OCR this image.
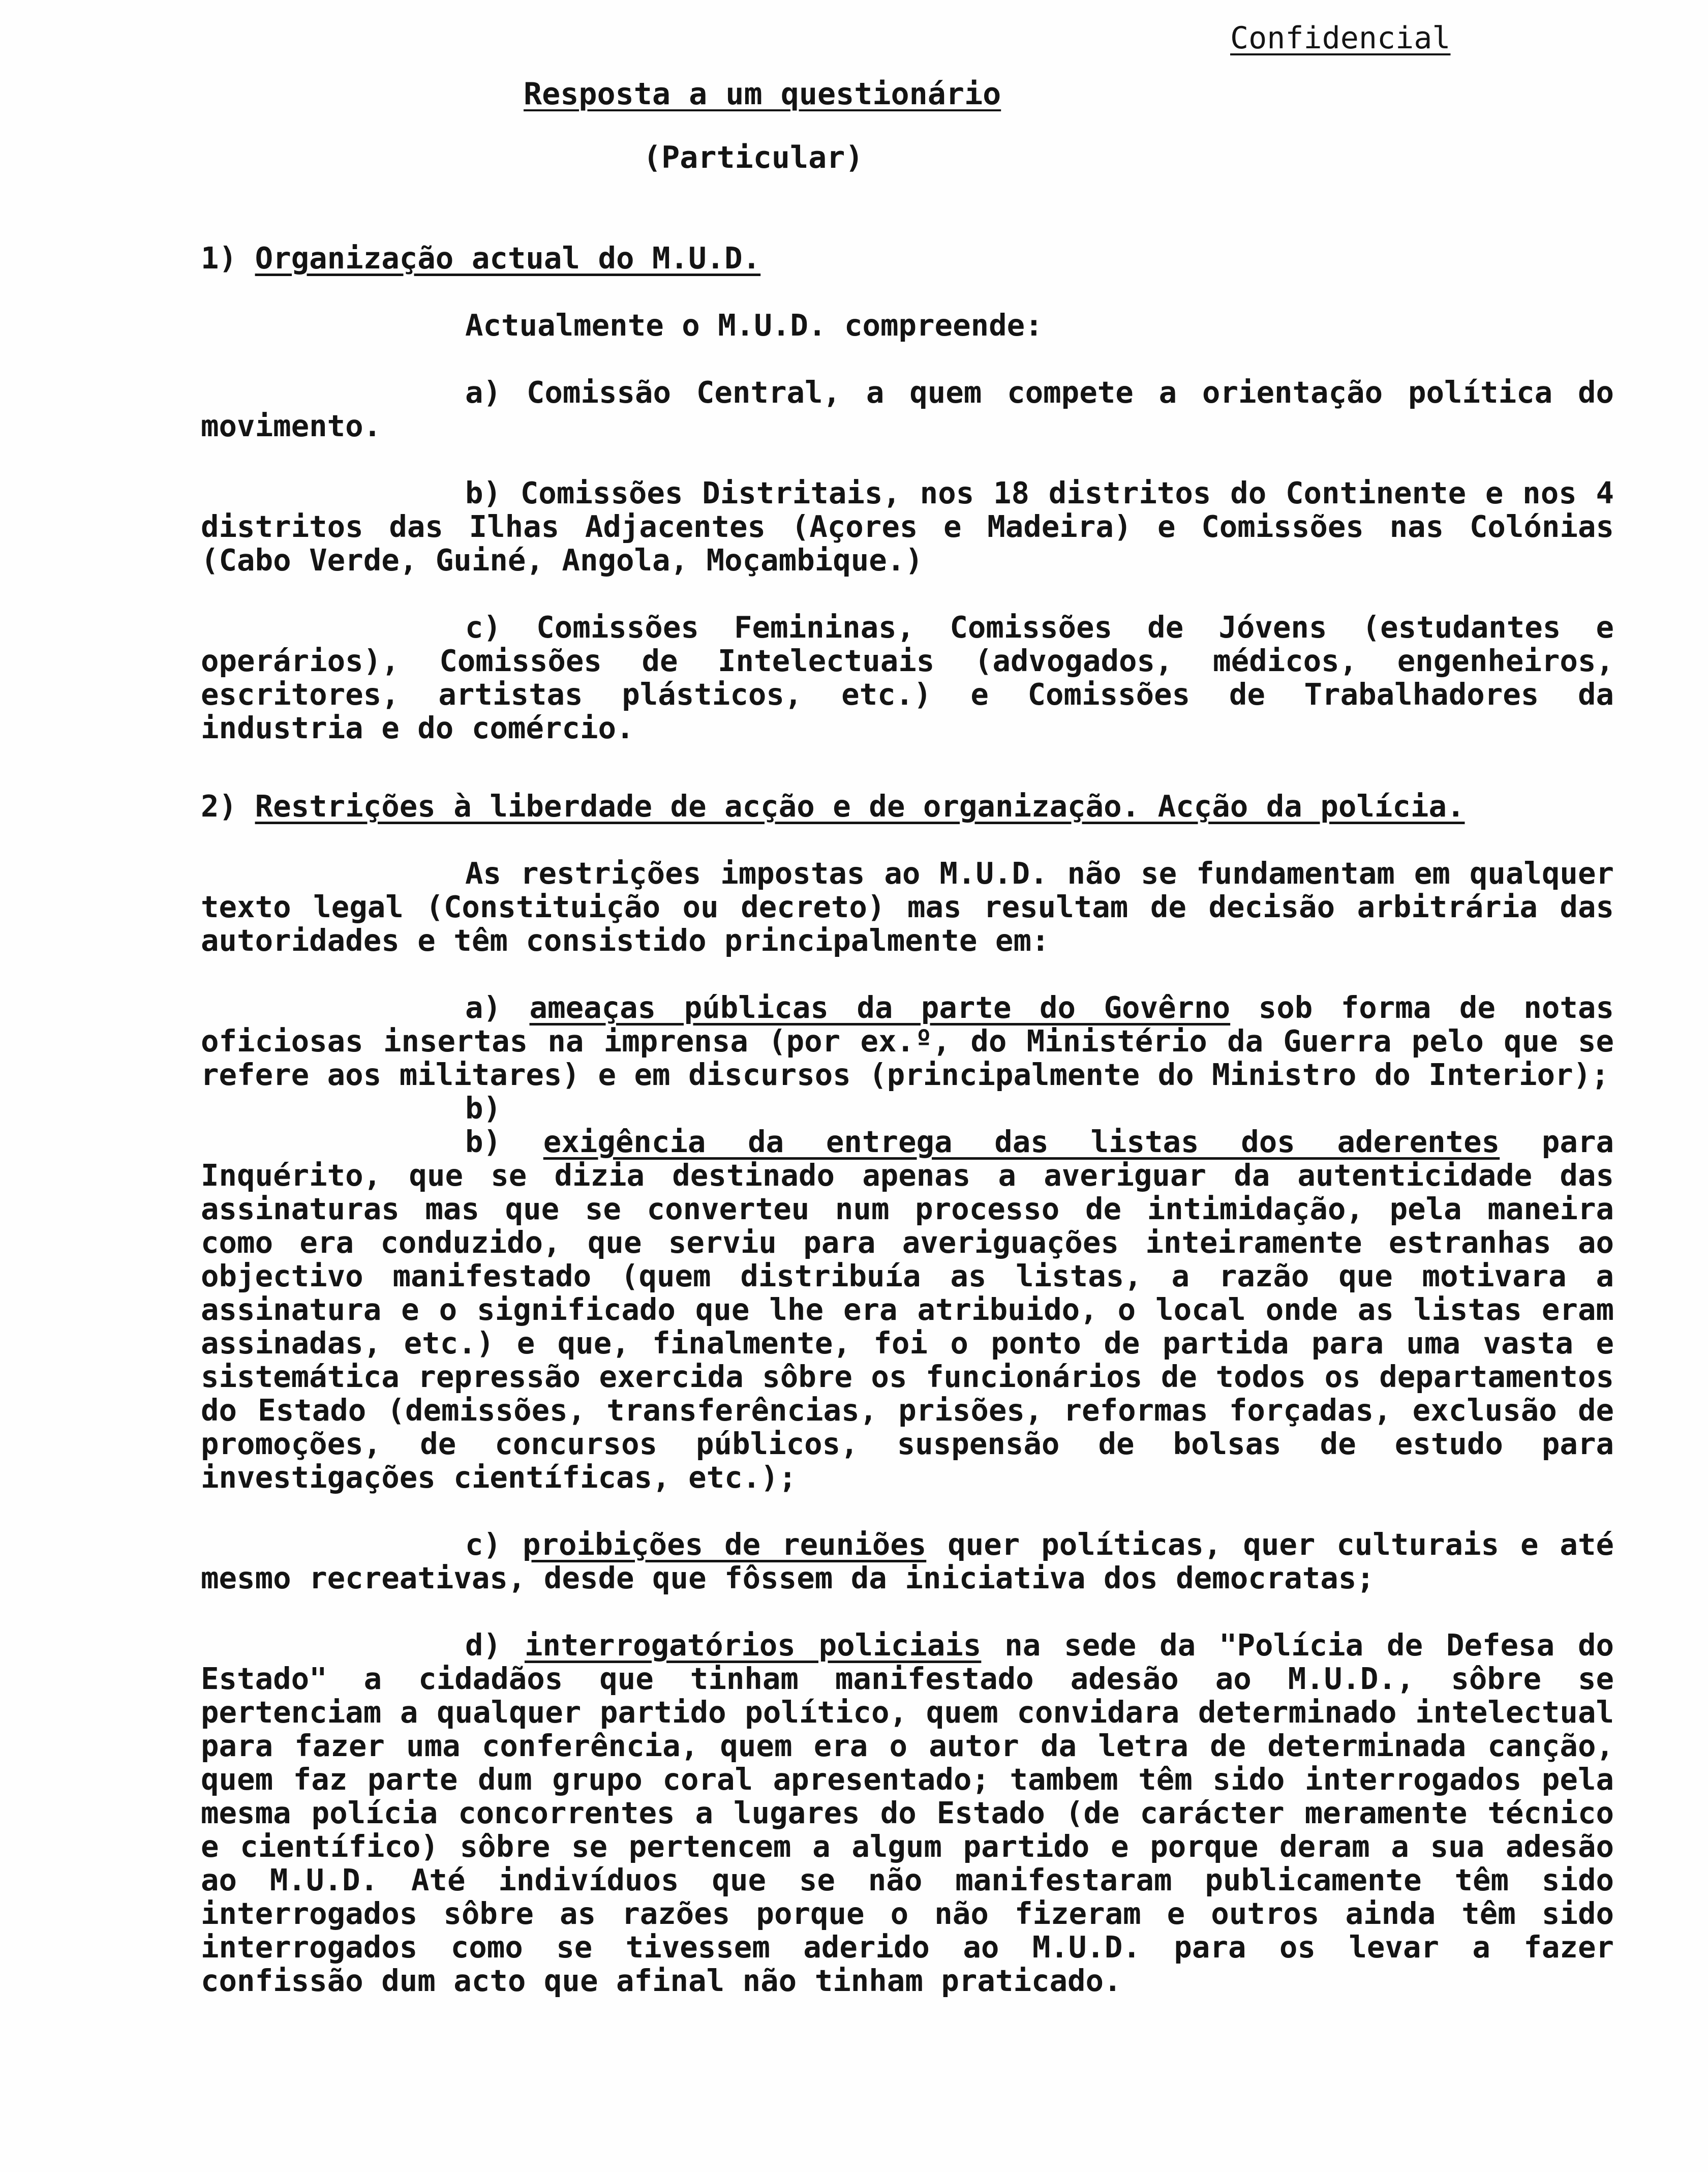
Confidencial
Resposta a um questionário
(Particular)

1) Organização actual do M.U.D.

Actualmente o M.U.D. compreende:

a) Comissão Central, a quem compete a orientação política do movimento.

b) Comissões Distritais, nos 18 distritos do Continente e nos 4 distritos das Ilhas Adjacentes (Açores e Madeira) e Comissões nas Colónias (Cabo Verde, Guiné, Angola, Moçambique.)

c) Comissões Femininas, Comissões de Jóvens (estudantes e operários), Comissões de Intelectuais (advogados, médicos, engenheiros, escritores, artistas plásticos, etc.) e Comissões de Trabalhadores da industria e do comércio.

2) Restrições à liberdade de acção e de organização. Acção da polícia.

As restrições impostas ao M.U.D. não se fundamentam em qualquer texto legal (Constituição ou decreto) mas resultam de decisão arbitrária das autoridades e têm consistido principalmente em:

a) ameaças públicas da parte do Govêrno sob forma de notas oficiosas insertas na imprensa (por ex.º, do Ministério da Guerra pelo que se refere aos militares) e em discursos (principalmente do Ministro do Interior);

b)

b) exigência da entrega das listas dos aderentes para Inquérito, que se dizia destinado apenas a averiguar da autenticidade das assinaturas mas que se converteu num processo de intimidação, pela maneira como era conduzido, que serviu para averiguações inteiramente estranhas ao objectivo manifestado (quem distribuía as listas, a razão que motivara a assinatura e o significado que lhe era atribuido, o local onde as listas eram assinadas, etc.) e que, finalmente, foi o ponto de partida para uma vasta e sistemática repressão exercida sôbre os funcionários de todos os departamentos do Estado (demissões, transferências, prisões, reformas forçadas, exclusão de promoções, de concursos públicos, suspensão de bolsas de estudo para investigações científicas, etc.);

c) proibições de reuniões quer políticas, quer culturais e até mesmo recreativas, desde que fôssem da iniciativa dos democratas;

d) interrogatórios policiais na sede da "Polícia de Defesa do Estado" a cidadãos que tinham manifestado adesão ao M.U.D., sôbre se pertenciam a qualquer partido político, quem convidara determinado intelectual para fazer uma conferência, quem era o autor da letra de determinada canção, quem faz parte dum grupo coral apresentado; tambem têm sido interrogados pela mesma polícia concorrentes a lugares do Estado (de carácter meramente técnico e científico) sôbre se pertencem a algum partido e porque deram a sua adesão ao M.U.D. Até indivíduos que se não manifestaram publicamente têm sido interrogados sôbre as razões porque o não fizeram e outros ainda têm sido interrogados como se tivessem aderido ao M.U.D. para os levar a fazer confissão dum acto que afinal não tinham praticado.
